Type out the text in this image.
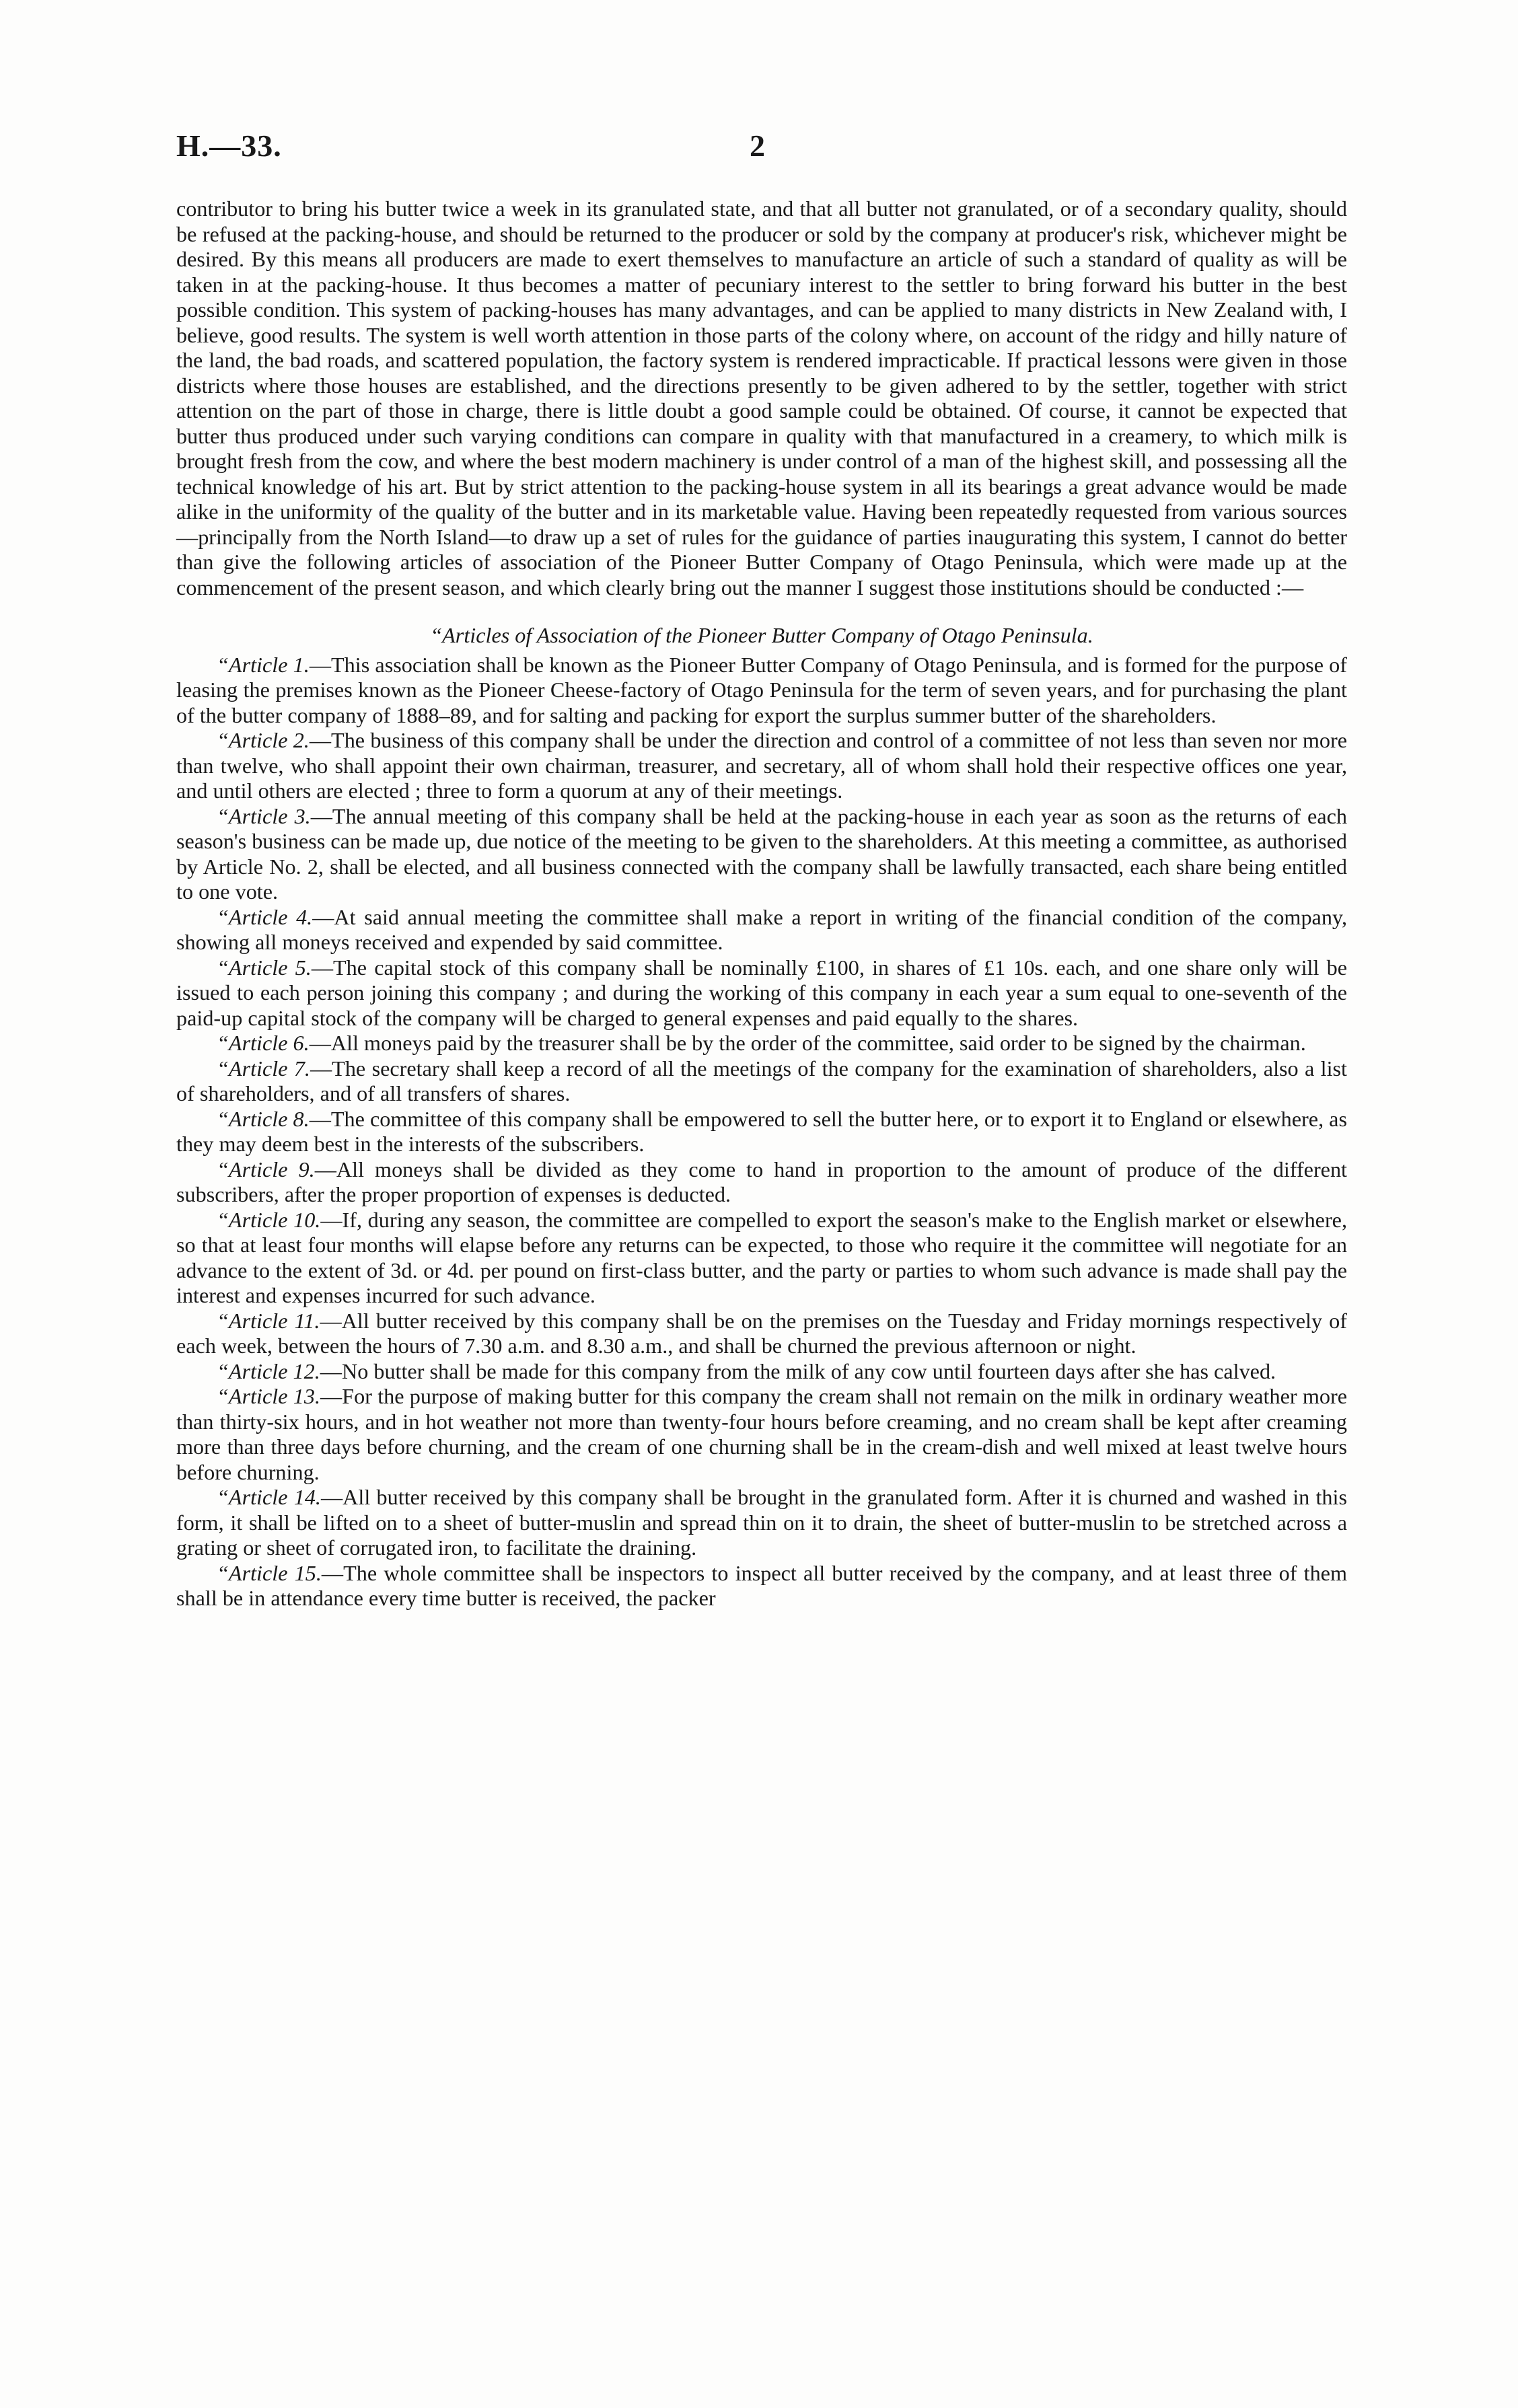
H.—33.	2

contributor to bring his butter twice a week in its granulated state, and that all butter not granulated, or of a secondary quality, should be refused at the packing-house, and should be returned to the producer or sold by the company at producer's risk, whichever might be desired. By this means all producers are made to exert themselves to manufacture an article of such a standard of quality as will be taken in at the packing-house. It thus becomes a matter of pecuniary interest to the settler to bring forward his butter in the best possible condition. This system of packing-houses has many advantages, and can be applied to many districts in New Zealand with, I believe, good results. The system is well worth attention in those parts of the colony where, on account of the ridgy and hilly nature of the land, the bad roads, and scattered population, the factory system is rendered impracticable. If practical lessons were given in those districts where those houses are established, and the directions presently to be given adhered to by the settler, together with strict attention on the part of those in charge, there is little doubt a good sample could be obtained. Of course, it cannot be expected that butter thus produced under such varying conditions can compare in quality with that manufactured in a creamery, to which milk is brought fresh from the cow, and where the best modern machinery is under control of a man of the highest skill, and possessing all the technical knowledge of his art. But by strict attention to the packing-house system in all its bearings a great advance would be made alike in the uniformity of the quality of the butter and in its marketable value. Having been repeatedly requested from various sources—principally from the North Island—to draw up a set of rules for the guidance of parties inaugurating this system, I cannot do better than give the following articles of association of the Pioneer Butter Company of Otago Peninsula, which were made up at the commencement of the present season, and which clearly bring out the manner I suggest those institutions should be conducted :—

“Articles of Association of the Pioneer Butter Company of Otago Peninsula.

“Article 1.—This association shall be known as the Pioneer Butter Company of Otago Peninsula, and is formed for the purpose of leasing the premises known as the Pioneer Cheese-factory of Otago Peninsula for the term of seven years, and for purchasing the plant of the butter company of 1888–89, and for salting and packing for export the surplus summer butter of the shareholders.

“Article 2.—The business of this company shall be under the direction and control of a committee of not less than seven nor more than twelve, who shall appoint their own chairman, treasurer, and secretary, all of whom shall hold their respective offices one year, and until others are elected ; three to form a quorum at any of their meetings.

“Article 3.—The annual meeting of this company shall be held at the packing-house in each year as soon as the returns of each season's business can be made up, due notice of the meeting to be given to the shareholders. At this meeting a committee, as authorised by Article No. 2, shall be elected, and all business connected with the company shall be lawfully transacted, each share being entitled to one vote.

“Article 4.—At said annual meeting the committee shall make a report in writing of the financial condition of the company, showing all moneys received and expended by said committee.

“Article 5.—The capital stock of this company shall be nominally £100, in shares of £1 10s. each, and one share only will be issued to each person joining this company ; and during the working of this company in each year a sum equal to one-seventh of the paid-up capital stock of the company will be charged to general expenses and paid equally to the shares.

“Article 6.—All moneys paid by the treasurer shall be by the order of the committee, said order to be signed by the chairman.

“Article 7.—The secretary shall keep a record of all the meetings of the company for the examination of shareholders, also a list of shareholders, and of all transfers of shares.

“Article 8.—The committee of this company shall be empowered to sell the butter here, or to export it to England or elsewhere, as they may deem best in the interests of the subscribers.

“Article 9.—All moneys shall be divided as they come to hand in proportion to the amount of produce of the different subscribers, after the proper proportion of expenses is deducted.

“Article 10.—If, during any season, the committee are compelled to export the season's make to the English market or elsewhere, so that at least four months will elapse before any returns can be expected, to those who require it the committee will negotiate for an advance to the extent of 3d. or 4d. per pound on first-class butter, and the party or parties to whom such advance is made shall pay the interest and expenses incurred for such advance.

“Article 11.—All butter received by this company shall be on the premises on the Tuesday and Friday mornings respectively of each week, between the hours of 7.30 a.m. and 8.30 a.m., and shall be churned the previous afternoon or night.

“Article 12.—No butter shall be made for this company from the milk of any cow until fourteen days after she has calved.

“Article 13.—For the purpose of making butter for this company the cream shall not remain on the milk in ordinary weather more than thirty-six hours, and in hot weather not more than twenty-four hours before creaming, and no cream shall be kept after creaming more than three days before churning, and the cream of one churning shall be in the cream-dish and well mixed at least twelve hours before churning.

“Article 14.—All butter received by this company shall be brought in the granulated form. After it is churned and washed in this form, it shall be lifted on to a sheet of butter-muslin and spread thin on it to drain, the sheet of butter-muslin to be stretched across a grating or sheet of corrugated iron, to facilitate the draining.

“Article 15.—The whole committee shall be inspectors to inspect all butter received by the company, and at least three of them shall be in attendance every time butter is received, the packer
